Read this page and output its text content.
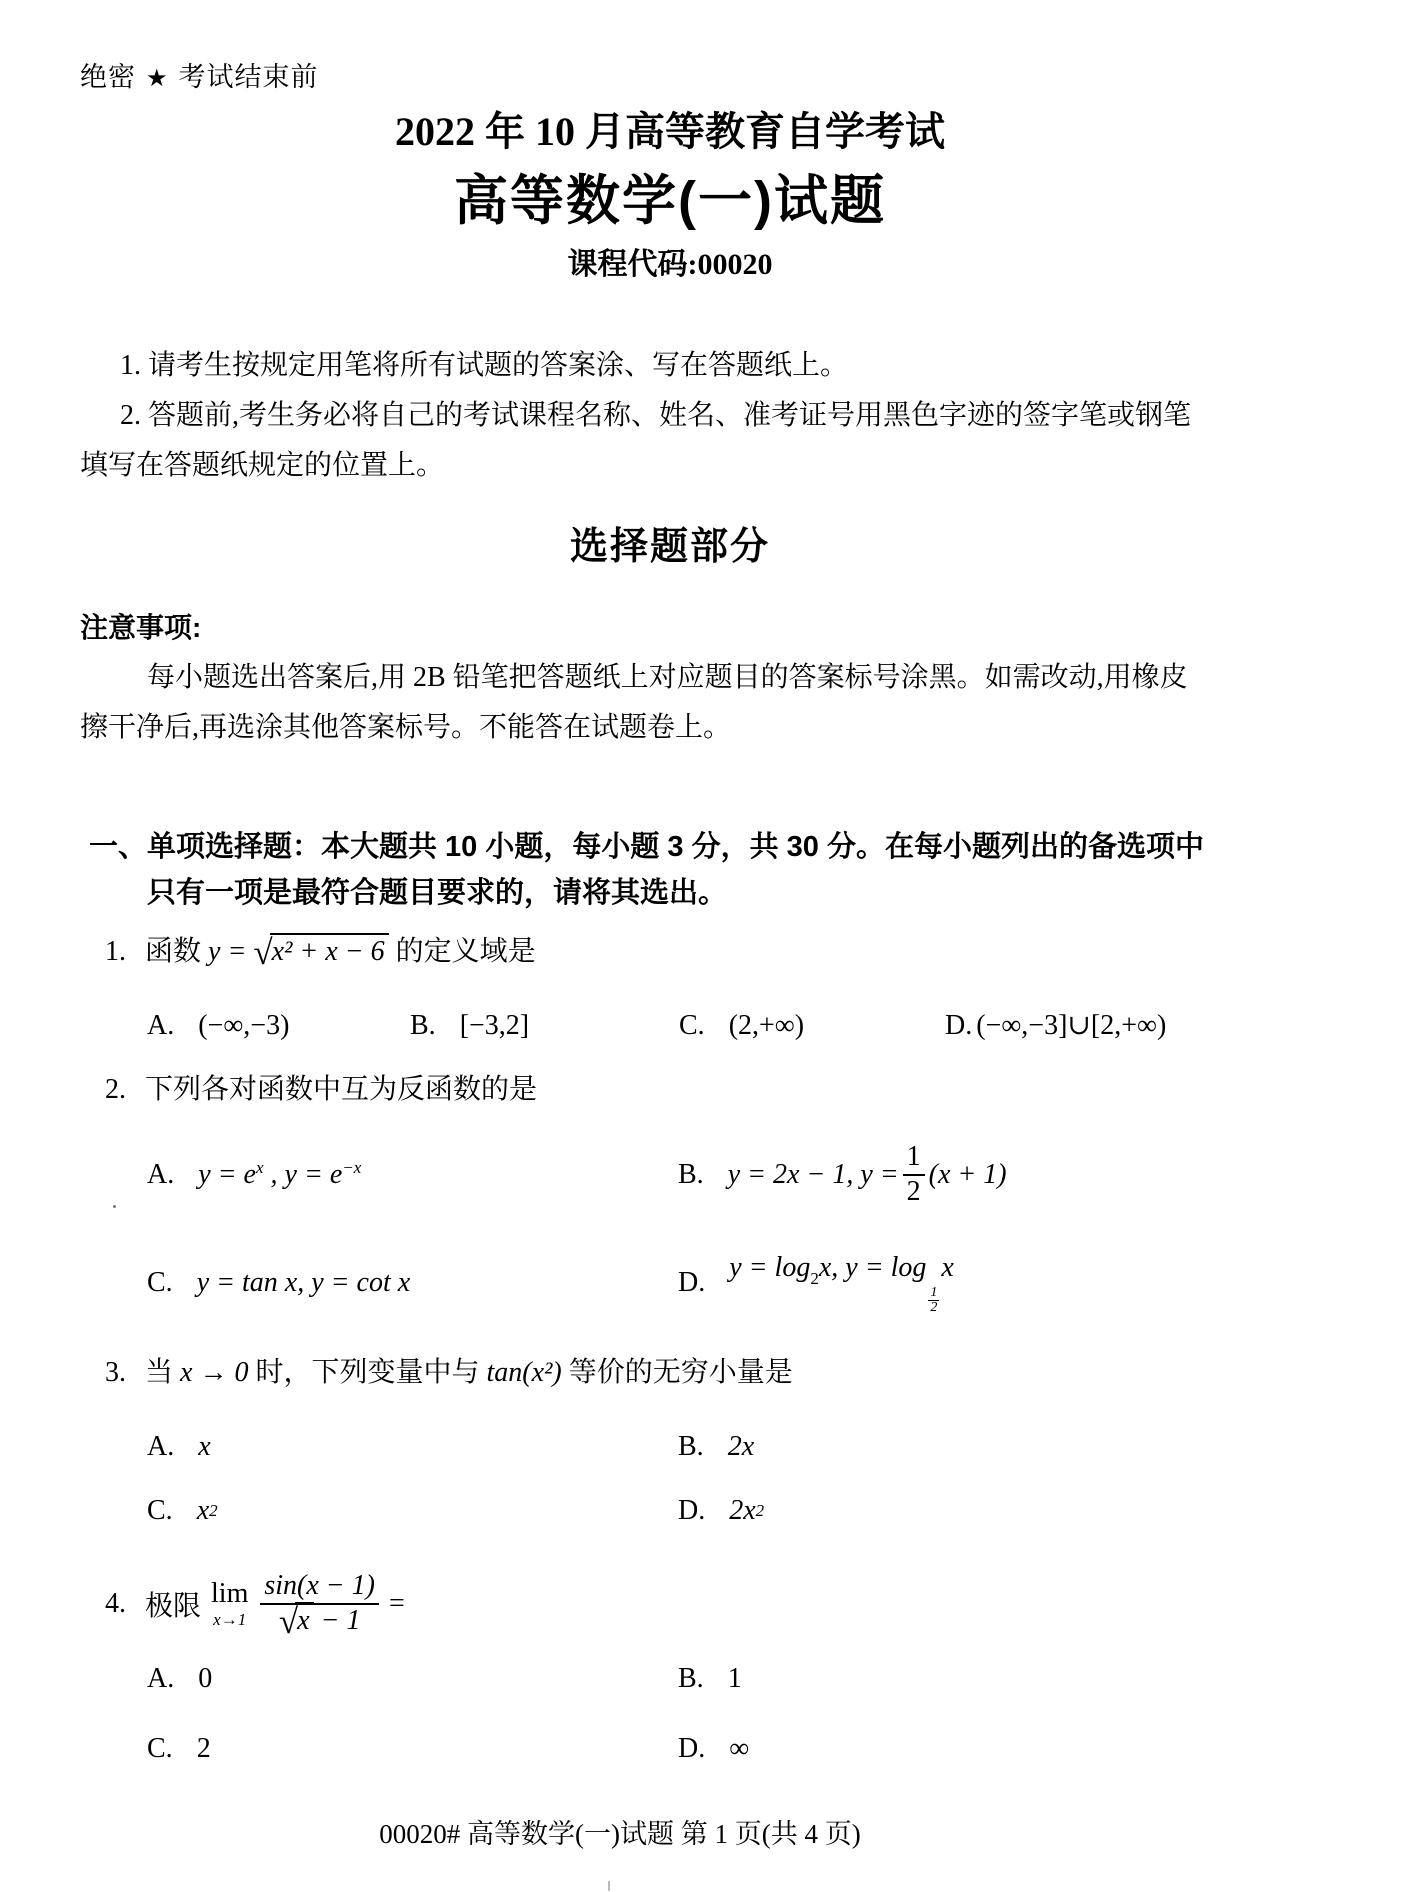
绝密 ★ 考试结束前
2022 年 10 月高等教育自学考试
高等数学(一)试题
课程代码:00020

1. 请考生按规定用笔将所有试题的答案涂、写在答题纸上。

2. 答题前,考生务必将自己的考试课程名称、姓名、准考证号用黑色字迹的签字笔或钢笔

填写在答题纸规定的位置上。

选择题部分

注意事项:

每小题选出答案后,用 2B 铅笔把答题纸上对应题目的答案标号涂黑。如需改动,用橡皮

擦干净后,再选涂其他答案标号。不能答在试题卷上。

一、单项选择题：本大题共 10 小题，每小题 3 分，共 30 分。在每小题列出的备选项中
只有一项是最符合题目要求的，请将其选出。
1. 函数 y = √x² + x − 6 的定义域是
A. (−∞,−3)	B. [−3,2]	C. (2,+∞)	D. (−∞,−3]∪[2,+∞)
2. 下列各对函数中互为反函数的是
A. $y = e^x$ , $y = e^{-x}$	B. y = 2x − 1, $y = \frac{1}{2} (x + 1)$
C. y = tan x, y = cot x	D. $y = \log_2x$, y = log
$\frac{1}{2}$
x
3. 当 x → 0 时，下列变量中与 tan(x²) 等价的无穷小量是
A. x	B. 2x
C. x 2	D. 2x 2
4. 极限 lim
$x\to 1 \frac{\sin(x - 1)}{√x - 1}$ =
A. 0	B. 1
C. 2	D. ∞
00020# 高等数学(一)试题 第 1 页(共 4 页)
